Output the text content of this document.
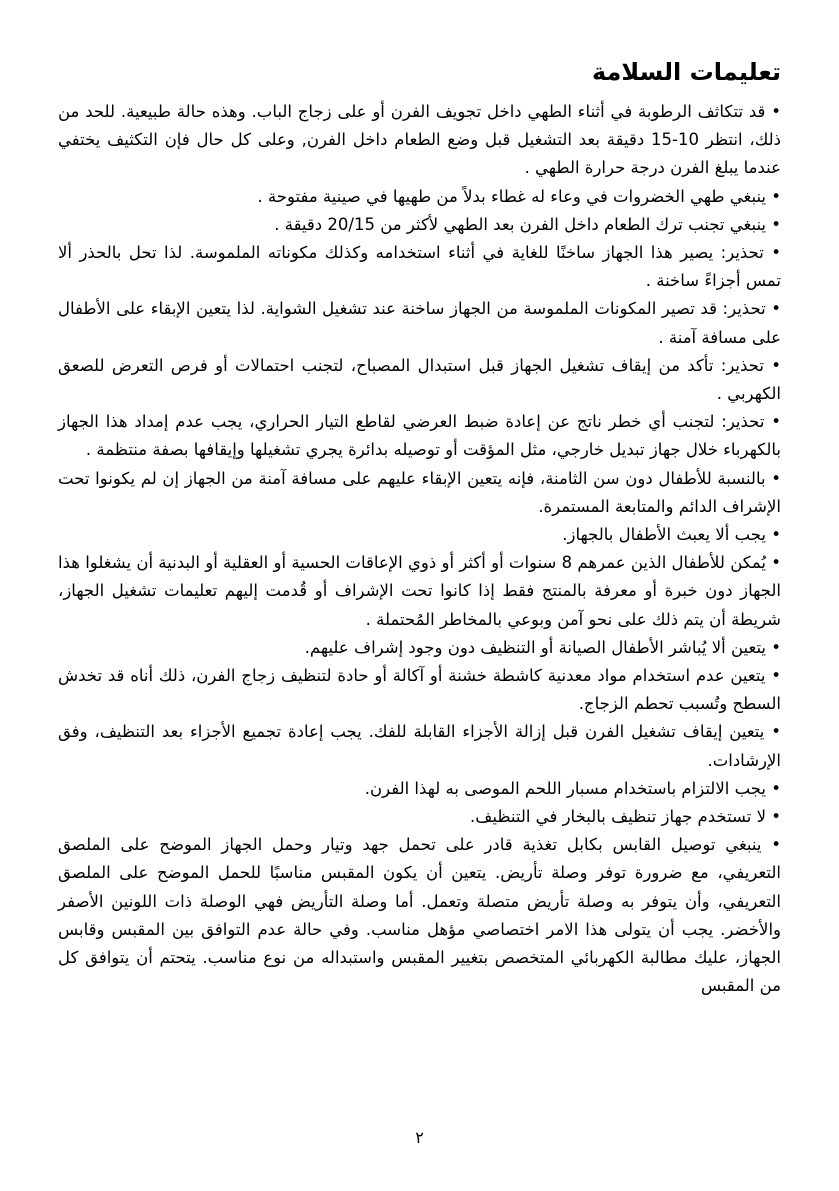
تعليمات السلامة
• قد تتكاثف الرطوبة في أثناء الطهي داخل تجويف الفرن أو على زجاج الباب. وهذه حالة طبيعية. للحد من ذلك، انتظر 10-15 دقيقة بعد التشغيل قبل وضع الطعام داخل الفرن, وعلى كل حال فإن التكثيف يختفي عندما يبلغ الفرن درجة حرارة الطهي .
• ينبغي طهي الخضروات في وعاء له غطاء بدلاً من طهيها في صينية مفتوحة .
• ينبغي تجنب ترك الطعام داخل الفرن بعد الطهي لأكثر من 20/15 دقيقة .
• تحذير: يصير هذا الجهاز ساخنًا للغاية في أثناء استخدامه وكذلك مكوناته الملموسة. لذا تحل بالحذر ألا تمس أجزاءً ساخنة .
• تحذير: قد تصير المكونات الملموسة من الجهاز ساخنة عند تشغيل الشواية. لذا يتعين الإبقاء على الأطفال على مسافة آمنة .
• تحذير: تأكد من إيقاف تشغيل الجهاز قبل استبدال المصباح، لتجنب احتمالات أو فرص التعرض للصعق الكهربي .
• تحذير: لتجنب أي خطر ناتج عن إعادة ضبط العرضي لقاطع التيار الحراري، يجب عدم إمداد هذا الجهاز بالكهرباء خلال جهاز تبديل خارجي، مثل المؤقت أو توصيله بدائرة يجري تشغيلها وإيقافها بصفة منتظمة .
• بالنسبة للأطفال دون سن الثامنة، فإنه يتعين الإبقاء عليهم على مسافة آمنة من الجهاز إن لم يكونوا تحت الإشراف الدائم والمتابعة المستمرة.
• يجب ألا يعبث الأطفال بالجهاز.
• يُمكن للأطفال الذين عمرهم 8 سنوات أو أكثر أو ذوي الإعاقات الحسية أو العقلية أو البدنية أن يشغلوا هذا الجهاز دون خبرة أو معرفة بالمنتج فقط إذا كانوا تحت الإشراف أو قُدمت إليهم تعليمات تشغيل الجهاز، شريطة أن يتم ذلك على نحو آمن وبوعي بالمخاطر المُحتملة .
• يتعين ألا يُباشر الأطفال الصيانة أو التنظيف دون وجود إشراف عليهم.
• يتعين عدم استخدام مواد معدنية كاشطة خشنة أو آكالة أو حادة لتنظيف زجاج الفرن، ذلك أناه قد تخدش السطح وتُسبب تحطم الزجاج.
• يتعين إيقاف تشغيل الفرن قبل إزالة الأجزاء القابلة للفك. يجب إعادة تجميع الأجزاء بعد التنظيف، وفق الإرشادات.
• يجب الالتزام باستخدام مسبار اللحم الموصى به لهذا الفرن.
• لا تستخدم جهاز تنظيف بالبخار في التنظيف.
• ينبغي توصيل القابس بكابل تغذية قادر على تحمل جهد وتيار وحمل الجهاز الموضح على الملصق التعريفي، مع ضرورة توفر وصلة تأريض. يتعين أن يكون المقبس مناسبًا للحمل الموضح على الملصق التعريفي، وأن يتوفر به وصلة تأريض متصلة وتعمل. أما وصلة التأريض فهي الوصلة ذات اللونين الأصفر والأخضر. يجب أن يتولى هذا الامر اختصاصي مؤهل مناسب. وفي حالة عدم التوافق بين المقبس وقابس الجهاز، عليك مطالبة الكهربائي المتخصص بتغيير المقبس واستبداله من نوع مناسب. يتحتم أن يتوافق كل من المقبس
٢
